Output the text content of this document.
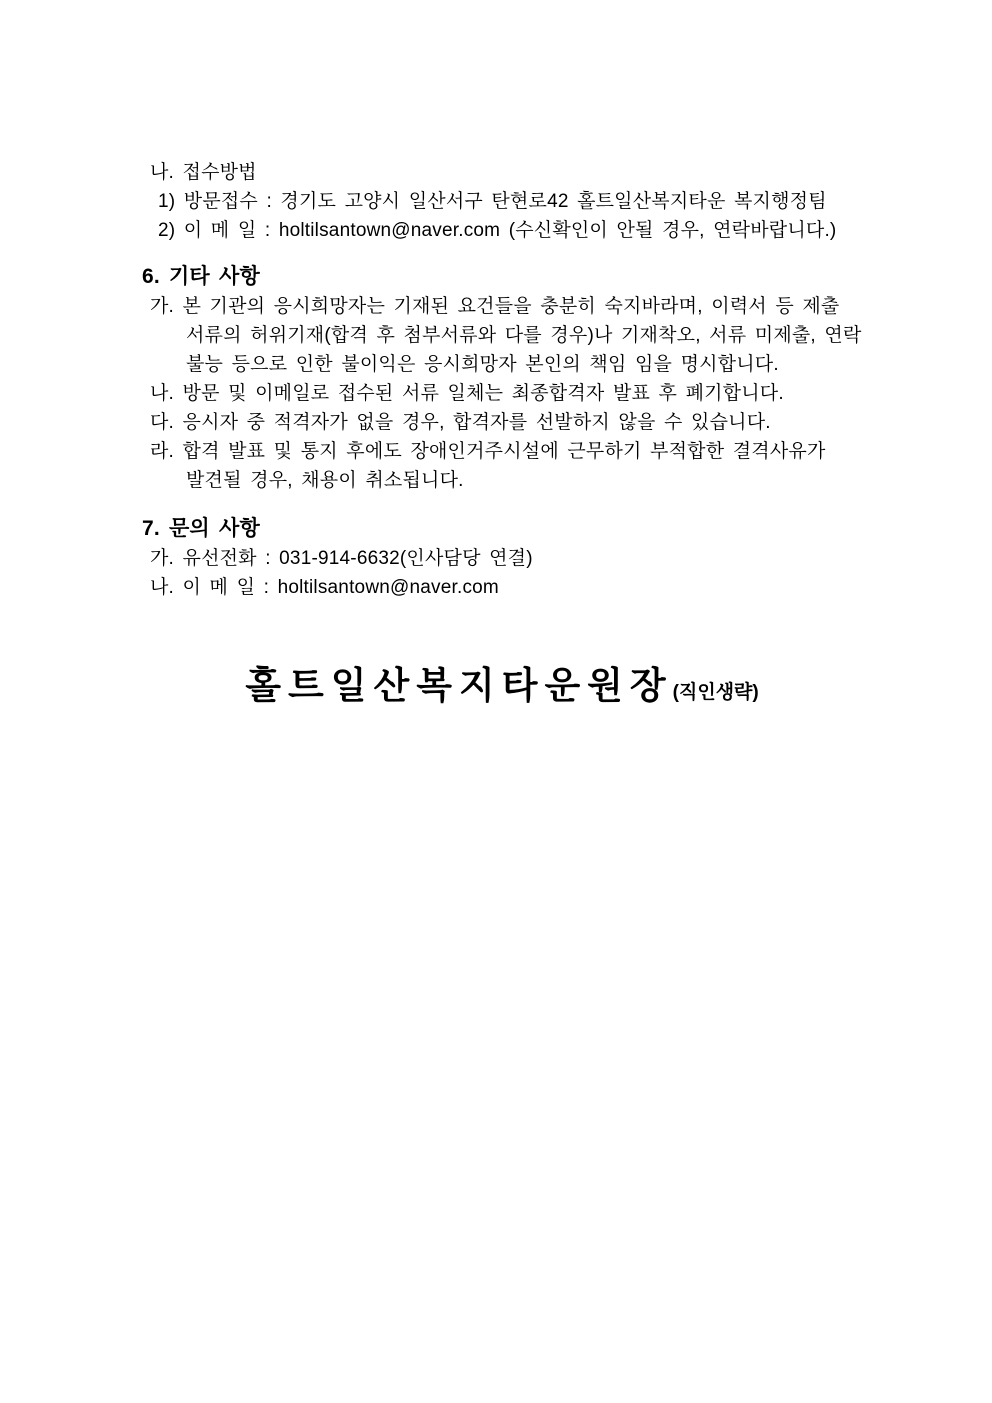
나. 접수방법
1) 방문접수 : 경기도 고양시 일산서구 탄현로42 홀트일산복지타운 복지행정팀
2) 이 메 일 : holtilsantown@naver.com (수신확인이 안될 경우, 연락바랍니다.)
6. 기타 사항
가. 본 기관의 응시희망자는 기재된 요건들을 충분히 숙지바라며, 이력서 등 제출
서류의 허위기재(합격 후 첨부서류와 다를 경우)나 기재착오, 서류 미제출, 연락
불능 등으로 인한 불이익은 응시희망자 본인의 책임 임을 명시합니다.
나. 방문 및 이메일로 접수된 서류 일체는 최종합격자 발표 후 폐기합니다.
다. 응시자 중 적격자가 없을 경우, 합격자를 선발하지 않을 수 있습니다.
라. 합격 발표 및 통지 후에도 장애인거주시설에 근무하기 부적합한 결격사유가
발견될 경우, 채용이 취소됩니다.
7. 문의 사항
가. 유선전화 : 031-914-6632(인사담당 연결)
나. 이 메 일 : holtilsantown@naver.com
홀트일산복지타운원장(직인생략)
